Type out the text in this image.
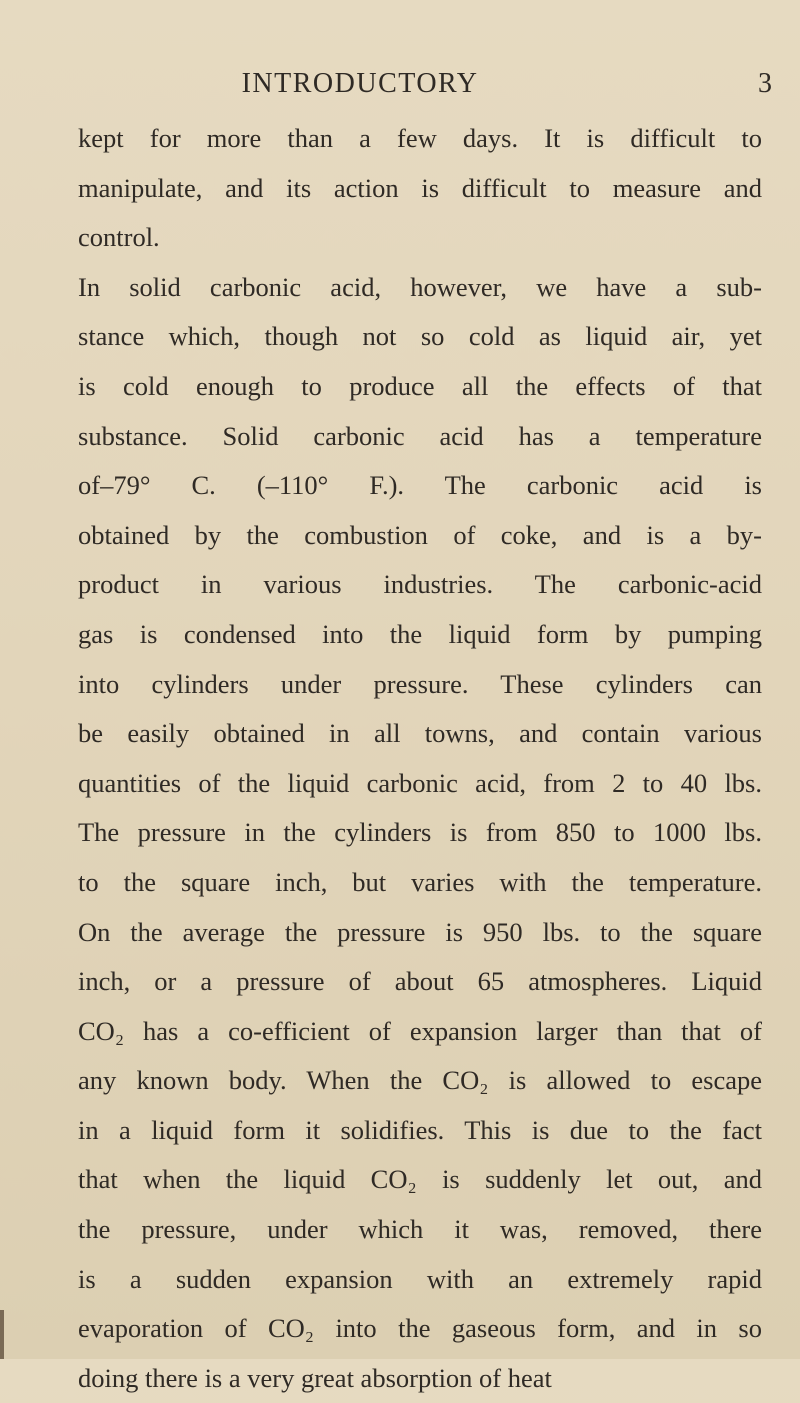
INTRODUCTORY	3
kept for more than a few days. It is difficult to
manipulate, and its action is difficult to measure and
control.
In solid carbonic acid, however, we have a sub-
stance which, though not so cold as liquid air, yet
is cold enough to produce all the effects of that
substance. Solid carbonic acid has a temperature
of–79° C. (–110° F.). The carbonic acid is
obtained by the combustion of coke, and is a by-
product in various industries. The carbonic-acid
gas is condensed into the liquid form by pumping
into cylinders under pressure. These cylinders can
be easily obtained in all towns, and contain various
quantities of the liquid carbonic acid, from 2 to 40 lbs.
The pressure in the cylinders is from 850 to 1000 lbs.
to the square inch, but varies with the temperature.
On the average the pressure is 950 lbs. to the square
inch, or a pressure of about 65 atmospheres. Liquid
CO₂ has a co-efficient of expansion larger than that of
any known body. When the CO₂ is allowed to escape
in a liquid form it solidifies. This is due to the fact
that when the liquid CO₂ is suddenly let out, and
the pressure, under which it was, removed, there
is a sudden expansion with an extremely rapid
evaporation of CO₂ into the gaseous form, and in so
doing there is a very great absorption of heat
